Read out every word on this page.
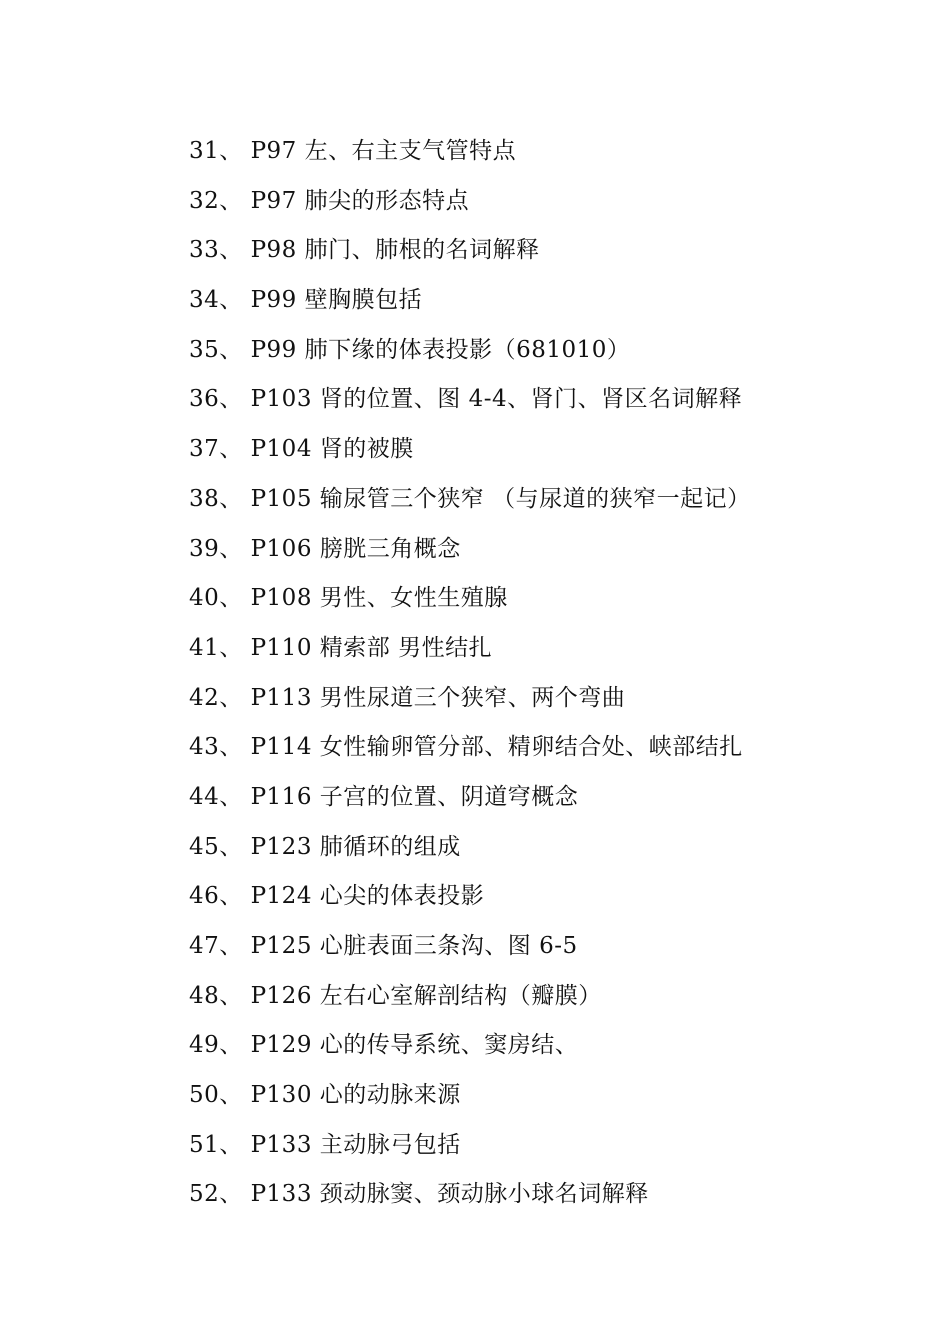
31、 P97 左、右主支气管特点
32、 P97 肺尖的形态特点
33、 P98 肺门、肺根的名词解释
34、 P99 壁胸膜包括
35、 P99 肺下缘的体表投影（681010）
36、 P103 肾的位置、图 4-4、肾门、肾区名词解释
37、 P104 肾的被膜
38、 P105 输尿管三个狭窄 （与尿道的狭窄一起记）
39、 P106 膀胱三角概念
40、 P108 男性、女性生殖腺
41、 P110 精索部 男性结扎
42、 P113 男性尿道三个狭窄、两个弯曲
43、 P114 女性输卵管分部、精卵结合处、峡部结扎
44、 P116 子宫的位置、阴道穹概念
45、 P123 肺循环的组成
46、 P124 心尖的体表投影
47、 P125 心脏表面三条沟、图 6-5
48、 P126 左右心室解剖结构（瓣膜）
49、 P129 心的传导系统、窦房结、
50、 P130 心的动脉来源
51、 P133 主动脉弓包括
52、 P133 颈动脉窦、颈动脉小球名词解释
